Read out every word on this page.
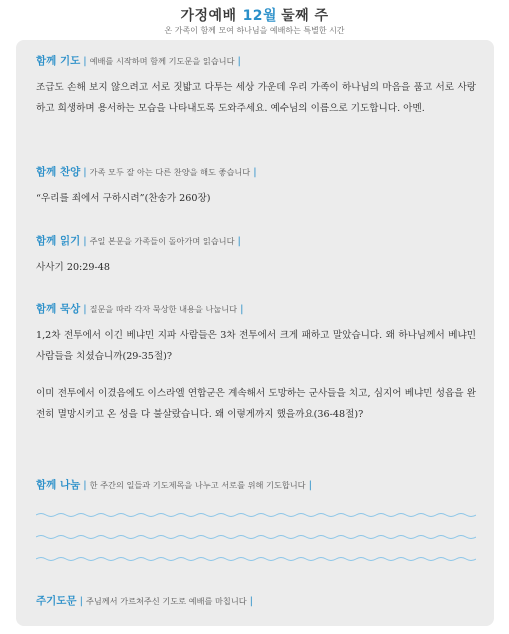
가정예배 12월 둘째 주
온 가족이 함께 모여 하나님을 예배하는 특별한 시간
함께 기도 | 예배를 시작하며 함께 기도문을 읽습니다 |
조급도 손해 보지 않으려고 서로 짓밟고 다투는 세상 가운데 우리 가족이 하나님의 마음을 품고 서로 사랑하고 희생하며 용서하는 모습을 나타내도록 도와주세요. 예수님의 이름으로 기도합니다. 아멘.
함께 찬양 | 가족 모두 잘 아는 다른 찬양을 해도 좋습니다 |
“우리를 죄에서 구하시려”(찬송가 260장)
함께 읽기 | 주일 본문을 가족들이 돌아가며 읽습니다 |
사사기 20:29-48
함께 묵상 | 질문을 따라 각자 묵상한 내용을 나눕니다 |
1,2차 전투에서 이긴 베냐민 지파 사람들은 3차 전투에서 크게 패하고 말았습니다. 왜 하나님께서 베냐민 사람들을 치셨습니까(29-35절)?
이미 전투에서 이겼음에도 이스라엘 연합군은 계속해서 도망하는 군사들을 치고, 심지어 베냐민 성읍을 완전히 멸망시키고 온 성을 다 불살랐습니다. 왜 이렇게까지 했을까요(36-48절)?
함께 나눔 | 한 주간의 일들과 기도제목을 나누고 서로를 위해 기도합니다 |
주기도문 | 주님께서 가르쳐주신 기도로 예배를 마칩니다 |
